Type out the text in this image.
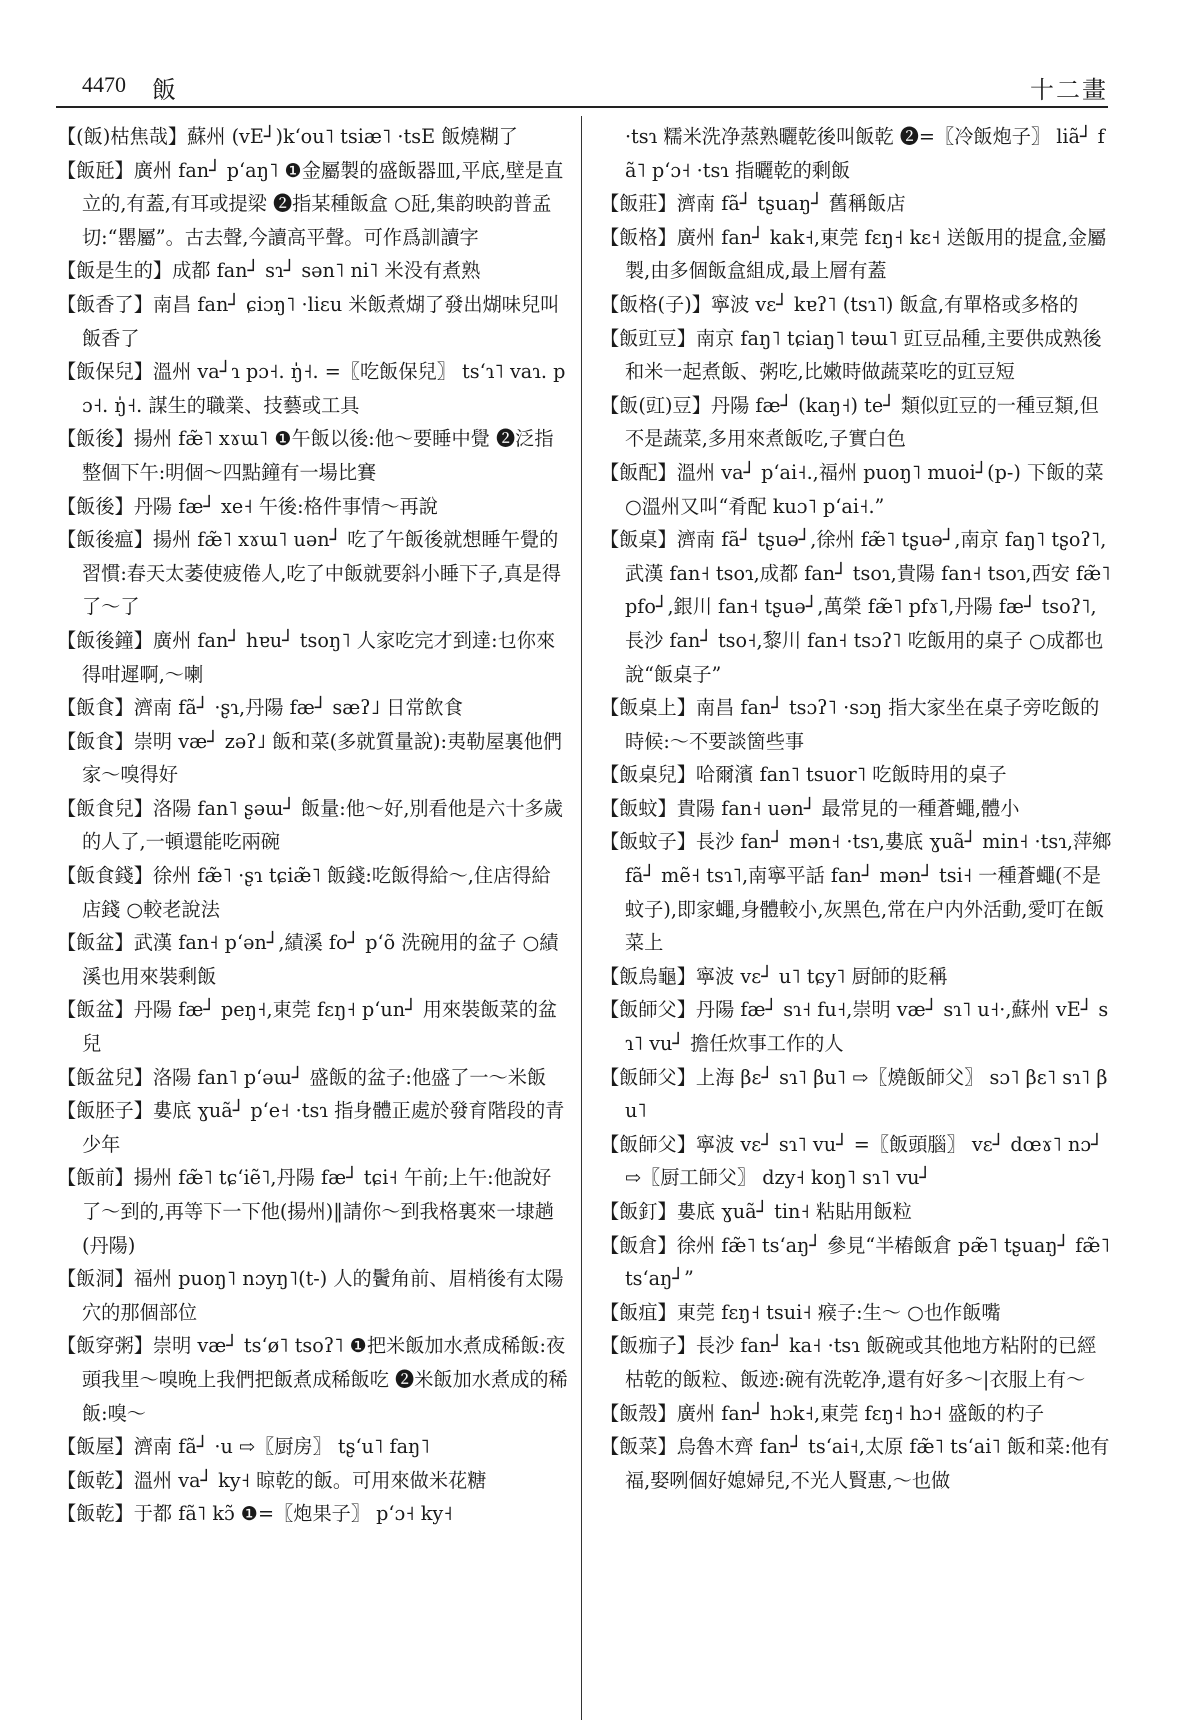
4470 飯	十二畫

【(飯)枯焦哉】蘇州 (vE┘)kʻou˥ tsiæ˥ ·tsE 飯燒糊了

【飯瓩】廣州 fan┘ pʻaŋ˥ ❶金屬製的盛飯器皿,平底,壁是直立的,有蓋,有耳或提梁 ❷指某種飯盒 ○瓩,集韵映韵普孟切:“罌屬”。古去聲,今讀高平聲。可作爲訓讀字

【飯是生的】成都 fan┘ sɿ┘ sən˥ ni˥ 米没有煮熟

【飯香了】南昌 fan┘ ɕiɔŋ˥ ·liɛu 米飯煮煳了發出煳味兒叫飯香了

【飯保兒】溫州 va┘ɿ pɔ˧. ŋ̍˧. =〖吃飯保兒〗 tsʻɿ˥ vaɿ. pɔ˧. ŋ̍˧. 謀生的職業、技藝或工具

【飯後】揚州 fæ̃˥ xɤɯ˥ ❶午飯以後:他～要睡中覺 ❷泛指整個下午:明個～四點鐘有一場比賽

【飯後】丹陽 fæ┘ xe˧ 午後:格件事情～再說

【飯後瘟】揚州 fæ̃˥ xɤɯ˥ uən┘ 吃了午飯後就想睡午覺的習慣:春天太萎使疲倦人,吃了中飯就要斜小睡下子,真是得了～了

【飯後鐘】廣州 fan┘ hɐu┘ tsoŋ˥ 人家吃完才到達:乜你來得咁遲啊,～喇

【飯食】濟南 fã┘ ·ʂɿ,丹陽 fæ┘ sæʔ˩ 日常飲食

【飯食】崇明 væ┘ zəʔ˩ 飯和菜(多就質量說):夷勒屋裏他們家～嗅得好

【飯食兒】洛陽 fan˥ ʂəɯ┘ 飯量:他～好,別看他是六十多歲的人了,一頓還能吃兩碗

【飯食錢】徐州 fæ̃˥ ·ʂɿ tɕiæ̃˥ 飯錢:吃飯得給～,住店得給店錢 ○較老說法

【飯盆】武漢 fan˧ pʻən┘,績溪 fo┘ pʻõ 洗碗用的盆子 ○績溪也用來裝剩飯

【飯盆】丹陽 fæ┘ peŋ˧,東莞 fɛŋ˧ pʻun┘ 用來裝飯菜的盆兒

【飯盆兒】洛陽 fan˥ pʻəɯ┘ 盛飯的盆子:他盛了一～米飯

【飯胚子】婁底 ɣuã┘ pʻe˧ ·tsɿ 指身體正處於發育階段的青少年

【飯前】揚州 fæ̃˥ tɕʻiẽ˥,丹陽 fæ┘ tɕi˧ 午前;上午:他說好了～到的,再等下一下他(揚州)‖請你～到我格裏來一埭趟(丹陽)

【飯洞】福州 puoŋ˥ nɔyŋ˥(t-) 人的鬢角前、眉梢後有太陽穴的那個部位

【飯穿粥】崇明 væ┘ tsʻø˥ tsoʔ˥ ❶把米飯加水煮成稀飯:夜頭我里～嗅晚上我們把飯煮成稀飯吃 ❷米飯加水煮成的稀飯:嗅～

【飯屋】濟南 fã┘ ·u ⇨〖厨房〗 tʂʻu˥ faŋ˥

【飯乾】溫州 va┘ ky˧ 晾乾的飯。可用來做米花糖

【飯乾】于都 fã˥ kɔ̃ ❶=〖炮果子〗 pʻɔ˧ ky˧

·tsɿ 糯米洗净蒸熟曬乾後叫飯乾 ❷=〖冷飯炮子〗 liã┘ fã˥ pʻɔ˧ ·tsɿ 指曬乾的剩飯

【飯莊】濟南 fã┘ tʂuaŋ┘ 舊稱飯店

【飯格】廣州 fan┘ kak˧,東莞 fɛŋ˧ kɛ˧ 送飯用的提盒,金屬製,由多個飯盒組成,最上層有蓋

【飯格(子)】寧波 vɛ┘ kɐʔ˥ (tsɿ˥) 飯盒,有單格或多格的

【飯豇豆】南京 faŋ˥ tɕiaŋ˥ təɯ˥ 豇豆品種,主要供成熟後和米一起煮飯、粥吃,比嫩時做蔬菜吃的豇豆短

【飯(豇)豆】丹陽 fæ┘ (kaŋ˧) te┘ 類似豇豆的一種豆類,但不是蔬菜,多用來煮飯吃,子實白色

【飯配】溫州 va┘ pʻai˧.,福州 puoŋ˥ muoi┘(p-) 下飯的菜 ○溫州又叫“肴配 kuɔ˥ pʻai˧.”

【飯桌】濟南 fã┘ tʂuə┘,徐州 fæ̃˥ tʂuə┘,南京 faŋ˥ tʂoʔ˥,武漢 fan˧ tsoɿ,成都 fan┘ tsoɿ,貴陽 fan˧ tsoɿ,西安 fæ̃˥ pfo┘,銀川 fan˧ tʂuə┘,萬榮 fæ̃˥ pfɤ˥,丹陽 fæ┘ tsoʔ˥,長沙 fan┘ tso˧,黎川 fan˧ tsɔʔ˥ 吃飯用的桌子 ○成都也說“飯桌子”

【飯桌上】南昌 fan┘ tsɔʔ˥ ·sɔŋ 指大家坐在桌子旁吃飯的時候:～不要談箇些事

【飯桌兒】哈爾濱 fan˥ tsuor˥ 吃飯時用的桌子

【飯蚊】貴陽 fan˧ uən┘ 最常見的一種蒼蠅,體小

【飯蚊子】長沙 fan┘ mən˧ ·tsɿ,婁底 ɣuã┘ min˧ ·tsɿ,萍鄉 fã┘ mẽ˧ tsɿ˥,南寧平話 fan┘ mən┘ tsi˧ 一種蒼蠅(不是蚊子),即家蠅,身體較小,灰黑色,常在户内外活動,愛叮在飯菜上

【飯烏龜】寧波 vɛ┘ u˥ tɕy˥ 厨師的貶稱

【飯師父】丹陽 fæ┘ sɿ˧ fu˧,崇明 væ┘ sɿ˥ u˧·,蘇州 vE┘ sɿ˥ vu┘ 擔任炊事工作的人

【飯師父】上海 βɛ┘ sɿ˥ βu˥ ⇨〖燒飯師父〗 sɔ˥ βɛ˥ sɿ˥ βu˥

【飯師父】寧波 vɛ┘ sɿ˥ vu┘ =〖飯頭腦〗 vɛ┘ dœɤ˥ nɔ┘ ⇨〖厨工師父〗 dzy˧ koŋ˥ sɿ˥ vu┘

【飯釘】婁底 ɣuã┘ tin˧ 粘貼用飯粒

【飯倉】徐州 fæ̃˥ tsʻaŋ┘ 參見“半樁飯倉 pæ̃˥ tʂuaŋ┘ fæ̃˥ tsʻaŋ┘”

【飯疽】東莞 fɛŋ˧ tsui˧ 瘊子:生～ ○也作飯嘴

【飯痂子】長沙 fan┘ ka˧ ·tsɿ 飯碗或其他地方粘附的已經枯乾的飯粒、飯迹:碗有洗乾净,還有好多～|衣服上有～

【飯殼】廣州 fan┘ hɔk˧,東莞 fɛŋ˧ hɔ˧ 盛飯的杓子

【飯菜】烏魯木齊 fan┘ tsʻai˧,太原 fæ̃˥ tsʻai˥ 飯和菜:他有福,娶咧個好媳婦兒,不光人賢惠,～也做
